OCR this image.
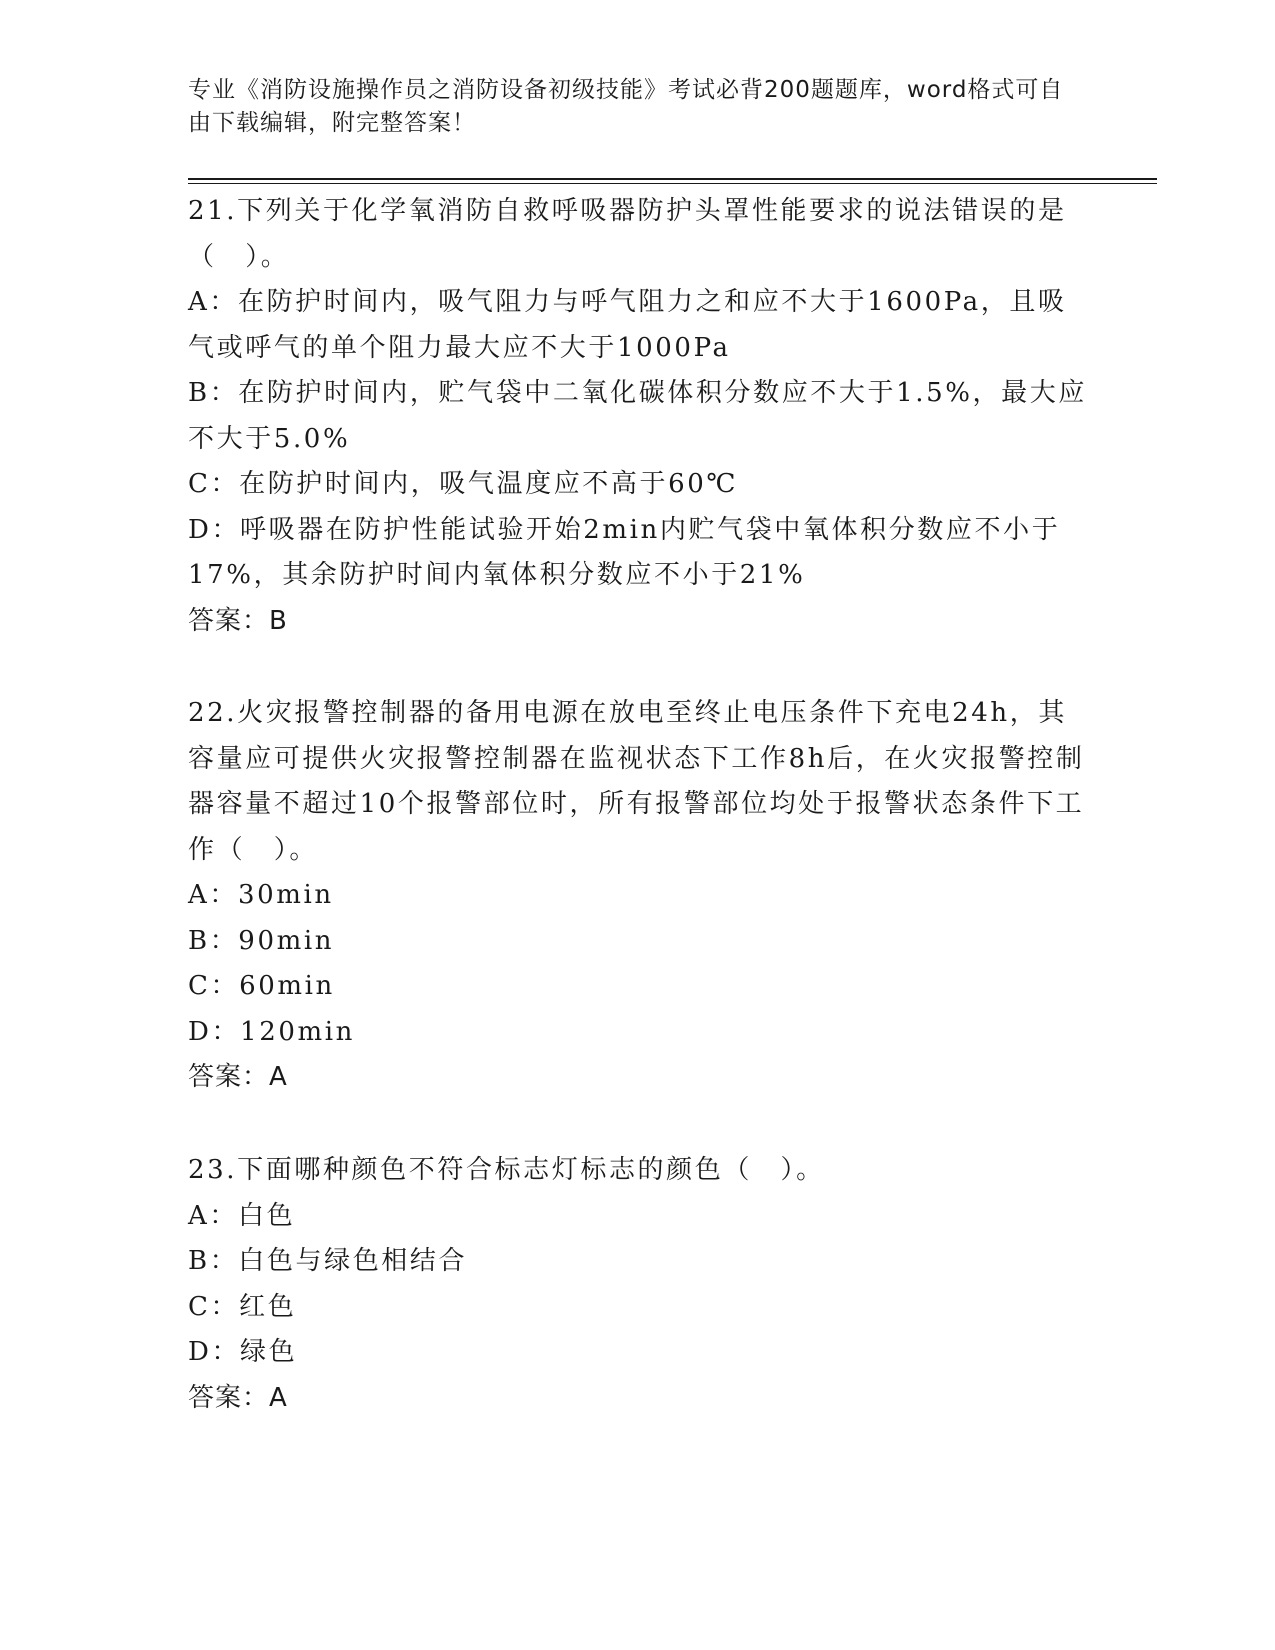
专业《消防设施操作员之消防设备初级技能》考试必背200题题库，word格式可自由下载编辑，附完整答案！

21.下列关于化学氧消防自救呼吸器防护头罩性能要求的说法错误的是（　）。

A：在防护时间内，吸气阻力与呼气阻力之和应不大于1600Pa，且吸气或呼气的单个阻力最大应不大于1000Pa

B：在防护时间内，贮气袋中二氧化碳体积分数应不大于1.5%，最大应不大于5.0%

C：在防护时间内，吸气温度应不高于60℃

D：呼吸器在防护性能试验开始2min内贮气袋中氧体积分数应不小于17%，其余防护时间内氧体积分数应不小于21%

答案：B

22.火灾报警控制器的备用电源在放电至终止电压条件下充电24h，其容量应可提供火灾报警控制器在监视状态下工作8h后，在火灾报警控制器容量不超过10个报警部位时，所有报警部位均处于报警状态条件下工作（　）。

A：30min

B：90min

C：60min

D：120min

答案：A

23.下面哪种颜色不符合标志灯标志的颜色（　）。

A：白色

B：白色与绿色相结合

C：红色

D：绿色

答案：A
